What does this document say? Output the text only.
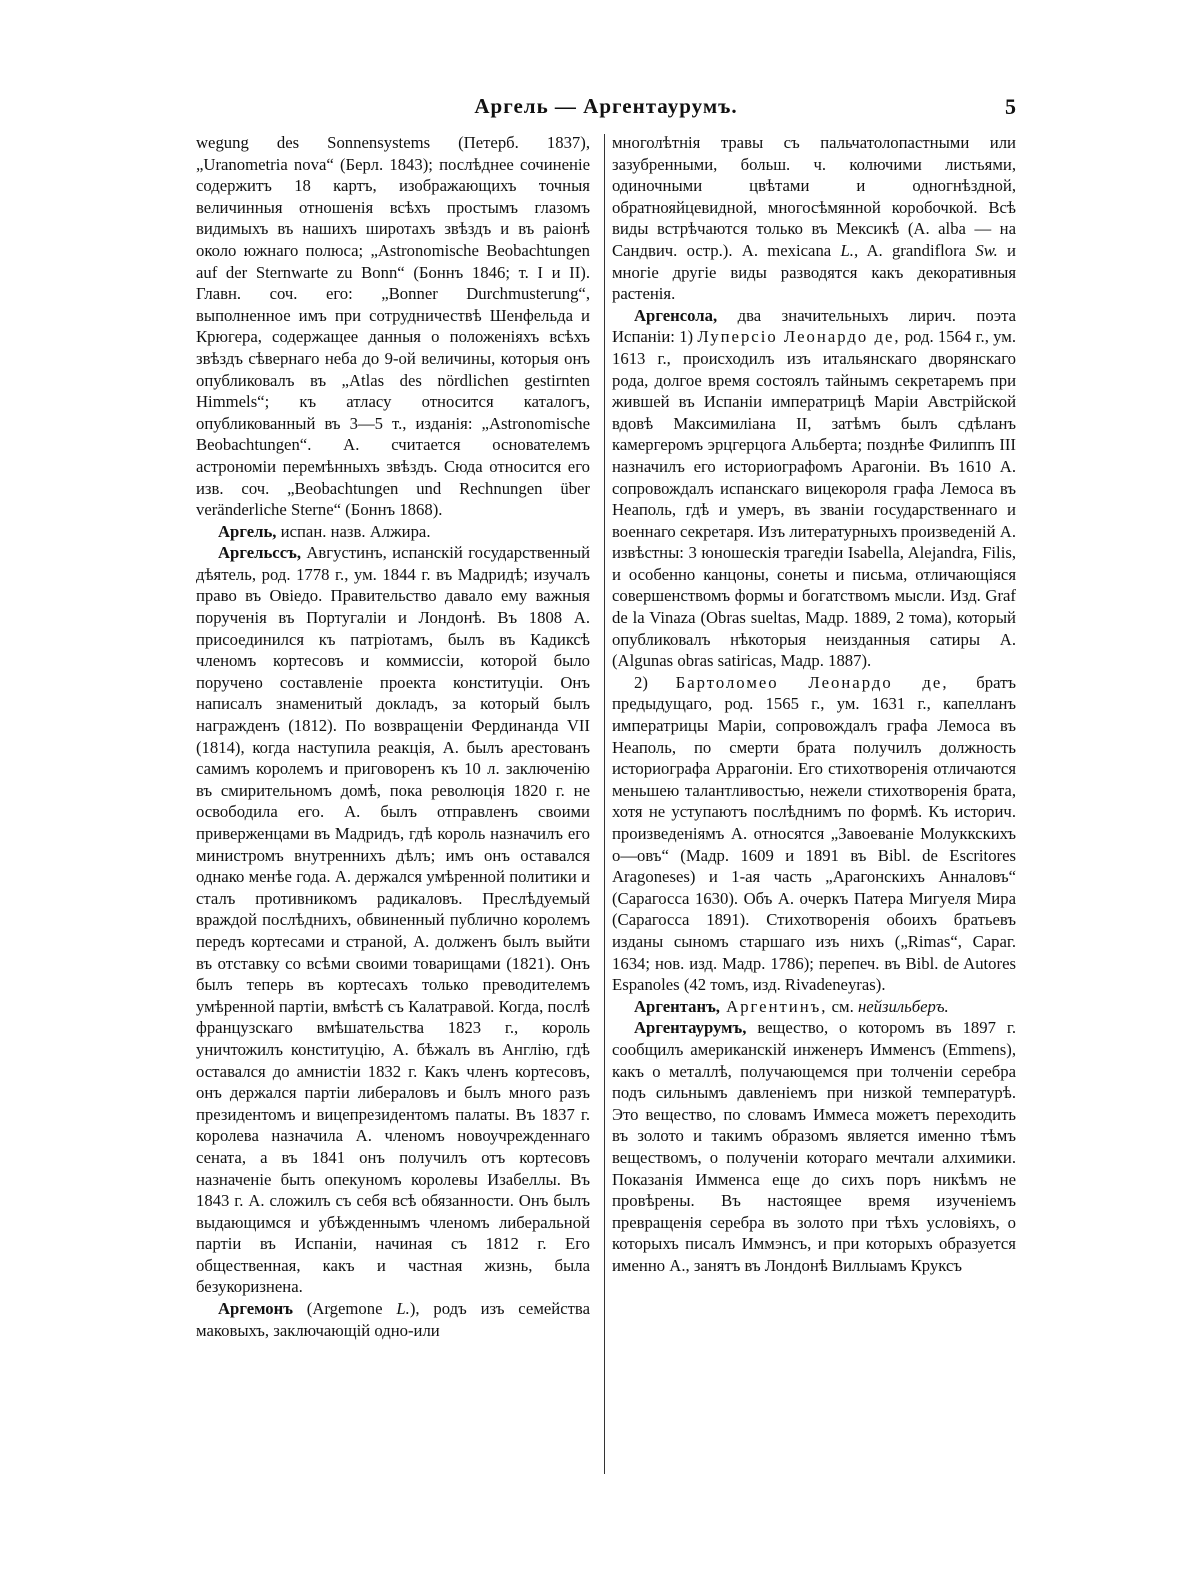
Аргель — Аргентаурумъ.	5

wegung des Sonnensystems (Петерб. 1837), „Uranometria nova“ (Берл. 1843); послѣднее сочиненіе содержитъ 18 картъ, изображающихъ точныя величинныя отношенія всѣхъ простымъ глазомъ видимыхъ въ нашихъ широтахъ звѣздъ и въ раіонѣ около южнаго полюса; „Astronomische Beobachtungen auf der Sternwarte zu Bonn“ (Боннъ 1846; т. I и II). Главн. соч. его: „Bonner Durchmusterung“, выполненное имъ при сотрудничествѣ Шенфельда и Крюгера, содержащее данныя о положеніяхъ всѣхъ звѣздъ сѣвернаго неба до 9-ой величины, которыя онъ опубликовалъ въ „Atlas des nördlichen gestirnten Himmels“; къ атласу относится каталогъ, опубликованный въ 3—5 т., изданія: „Astronomische Beobachtungen“. А. считается основателемъ астрономіи перемѣнныхъ звѣздъ. Сюда относится его изв. соч. „Beobachtungen und Rechnungen über veränderliche Sterne“ (Боннъ 1868).

Аргель, испан. назв. Алжира.

Аргельссъ, Августинъ, испанскій государственный дѣятель, род. 1778 г., ум. 1844 г. въ Мадридѣ; изучалъ право въ Овіедо. Правительство давало ему важныя порученія въ Португаліи и Лондонѣ. Въ 1808 А. присоединился къ патріотамъ, былъ въ Кадиксѣ членомъ кортесовъ и коммиссіи, которой было поручено составленіе проекта конституціи. Онъ написалъ знаменитый докладъ, за который былъ награжденъ (1812). По возвращеніи Фердинанда VII (1814), когда наступила реакція, А. былъ арестованъ самимъ королемъ и приговоренъ къ 10 л. заключенію въ смирительномъ домѣ, пока революція 1820 г. не освободила его. А. былъ отправленъ своими приверженцами въ Мадридъ, гдѣ король назначилъ его министромъ внутреннихъ дѣлъ; имъ онъ оставался однако менѣе года. А. держался умѣренной политики и сталъ противникомъ радикаловъ. Преслѣдуемый враждой послѣднихъ, обвиненный публично королемъ передъ кортесами и страной, А. долженъ былъ выйти въ отставку со всѣми своими товарищами (1821). Онъ былъ теперь въ кортесахъ только преводителемъ умѣренной партіи, вмѣстѣ съ Калатравой. Когда, послѣ французскаго вмѣшательства 1823 г., король уничтожилъ конституцію, А. бѣжалъ въ Англію, гдѣ оставался до амнистіи 1832 г. Какъ членъ кортесовъ, онъ держался партіи либераловъ и былъ много разъ президентомъ и вицепрезидентомъ палаты. Въ 1837 г. королева назначила А. членомъ новоучрежденнаго сената, а въ 1841 онъ получилъ отъ кортесовъ назначеніе быть опекуномъ королевы Изабеллы. Въ 1843 г. А. сложилъ съ себя всѣ обязанности. Онъ былъ выдающимся и убѣжденнымъ членомъ либеральной партіи въ Испаніи, начиная съ 1812 г. Его общественная, какъ и частная жизнь, была безукоризнена.

Аргемонъ (Argemone L.), родъ изъ семейства маковыхъ, заключающій одно-или

многолѣтнія травы съ пальчатолопастными или зазубренными, больш. ч. колючими листьями, одиночными цвѣтами и одногнѣздной, обратнояйцевидной, многосѣмянной коробочкой. Всѣ виды встрѣчаются только въ Мексикѣ (A. alba — на Сандвич. остр.). A. mexicana L., A. grandiflora Sw. и многіе другіе виды разводятся какъ декоративныя растенія.

Аргенсола, два значительныхъ лирич. поэта Испаніи: 1) Луперсіо Леонардо де, род. 1564 г., ум. 1613 г., происходилъ изъ итальянскаго дворянскаго рода, долгое время состоялъ тайнымъ секретаремъ при жившей въ Испаніи императрицѣ Маріи Австрійской вдовѣ Максимиліана II, затѣмъ былъ сдѣланъ камергеромъ эрцгерцога Альберта; позднѣе Филиппъ III назначилъ его историографомъ Арагоніи. Въ 1610 А. сопровождалъ испанскаго вицекороля графа Лемоса въ Неаполь, гдѣ и умеръ, въ званіи государственнаго и военнаго секретаря. Изъ литературныхъ произведеній А. извѣстны: 3 юношескія трагедіи Isabella, Alejandra, Filis, и особенно канцоны, сонеты и письма, отличающіяся совершенствомъ формы и богатствомъ мысли. Изд. Graf de la Vinaza (Obras sueltas, Мадр. 1889, 2 тома), который опубликовалъ нѣкоторыя неизданныя сатиры А. (Algunas obras satiricas, Мадр. 1887).

2) Бартоломео Леонардо де, братъ предыдущаго, род. 1565 г., ум. 1631 г., капелланъ императрицы Маріи, сопровождалъ графа Лемоса въ Неаполь, по смерти брата получилъ должность историографа Аррагоніи. Его стихотворенія отличаются меньшею талантливостью, нежели стихотворенія брата, хотя не уступаютъ послѣднимъ по формѣ. Къ историч. произведеніямъ А. относятся „Завоеваніе Молуккскихъ о—овъ“ (Мадр. 1609 и 1891 въ Bibl. de Escritores Aragoneses) и 1-ая часть „Арагонскихъ Анналовъ“ (Сарагосса 1630). Объ А. очеркъ Патера Мигуеля Мира (Сарагосса 1891). Стихотворенія обоихъ братьевъ изданы сыномъ старшаго изъ нихъ („Rimas“, Сараг. 1634; нов. изд. Мадр. 1786); перепеч. въ Bibl. de Autores Espanoles (42 томъ, изд. Rivadeneyras).

Аргентанъ, Аргентинъ, см. нейзильберъ.

Аргентаурумъ, вещество, о которомъ въ 1897 г. сообщилъ американскій инженеръ Имменсъ (Emmens), какъ о металлѣ, получающемся при толченіи серебра подъ сильнымъ давленіемъ при низкой температурѣ. Это вещество, по словамъ Иммеса можетъ переходить въ золото и такимъ образомъ является именно тѣмъ веществомъ, о полученіи котораго мечтали алхимики. Показанія Имменса еще до сихъ поръ никѣмъ не провѣрены. Въ настоящее время изученіемъ превращенія серебра въ золото при тѣхъ условіяхъ, о которыхъ писалъ Иммэнсъ, и при которыхъ образуется именно А., занятъ въ Лондонѣ Виллыамъ Круксъ
